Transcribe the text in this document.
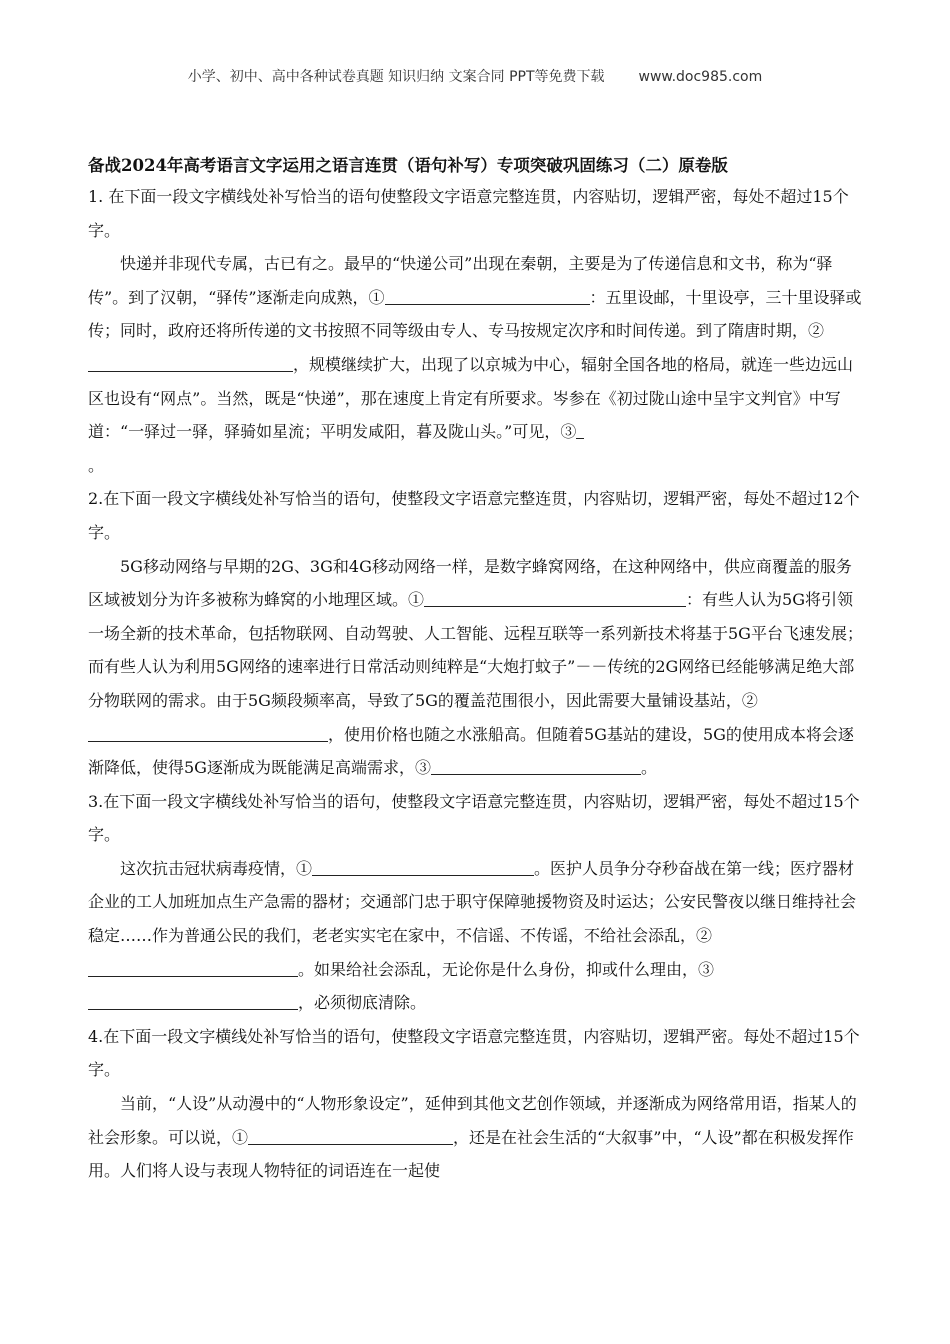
小学、初中、高中各种试卷真题 知识归纳 文案合同 PPT等免费下载 www.doc985.com

备战2024年高考语言文字运用之语言连贯（语句补写）专项突破巩固练习（二）原卷版

1. 在下面一段文字横线处补写恰当的语句使整段文字语意完整连贯，内容贴切，逻辑严密，每处不超过15个字。

快递并非现代专属，古已有之。最早的“快递公司”出现在秦朝，主要是为了传递信息和文书，称为“驿传”。到了汉朝，“驿传”逐渐走向成熟，①	：五里设邮，十里设亭，三十里设驿或传；同时，政府还将所传递的文书按照不同等级由专人、专马按规定次序和时间传递。到了隋唐时期，②，规模继续扩大，出现了以京城为中心，辐射全国各地的格局，就连一些边远山区也设有“网点”。当然，既是“快递”，那在速度上肯定有所要求。岑参在《初过陇山途中呈宇文判官》中写道：“一驿过一驿，驿骑如星流；平明发咸阳，暮及陇山头。”可见，③
。

2.在下面一段文字横线处补写恰当的语句，使整段文字语意完整连贯，内容贴切，逻辑严密，每处不超过12个字。

5G移动网络与早期的2G、3G和4G移动网络一样，是数字蜂窝网络，在这种网络中，供应商覆盖的服务区域被划分为许多被称为蜂窝的小地理区域。①	：有些人认为5G将引领一场全新的技术革命，包括物联网、自动驾驶、人工智能、远程互联等一系列新技术将基于5G平台飞速发展；而有些人认为利用5G网络的速率进行日常活动则纯粹是“大炮打蚊子”－－传统的2G网络已经能够满足绝大部分物联网的需求。由于5G频段频率高，导致了5G的覆盖范围很小，因此需要大量铺设基站，②，使用价格也随之水涨船高。但随着5G基站的建设，5G的使用成本将会逐渐降低，使得5G逐渐成为既能满足高端需求，③	。

3.在下面一段文字横线处补写恰当的语句，使整段文字语意完整连贯，内容贴切，逻辑严密，每处不超过15个字。

这次抗击冠状病毒疫情，①	。医护人员争分夺秒奋战在第一线；医疗器材企业的工人加班加点生产急需的器材；交通部门忠于职守保障驰援物资及时运达；公安民警夜以继日维持社会稳定……作为普通公民的我们，老老实实宅在家中，不信谣、不传谣，不给社会添乱，②。如果给社会添乱，无论你是什么身份，抑或什么理由，③，必须彻底清除。

4.在下面一段文字横线处补写恰当的语句，使整段文字语意完整连贯，内容贴切，逻辑严密。每处不超过15个字。

当前，“人设”从动漫中的“人物形象设定”，延伸到其他文艺创作领域，并逐渐成为网络常用语，指某人的社会形象。可以说，①	，还是在社会生活的“大叙事”中，“人设”都在积极发挥作用。人们将人设与表现人物特征的词语连在一起使
